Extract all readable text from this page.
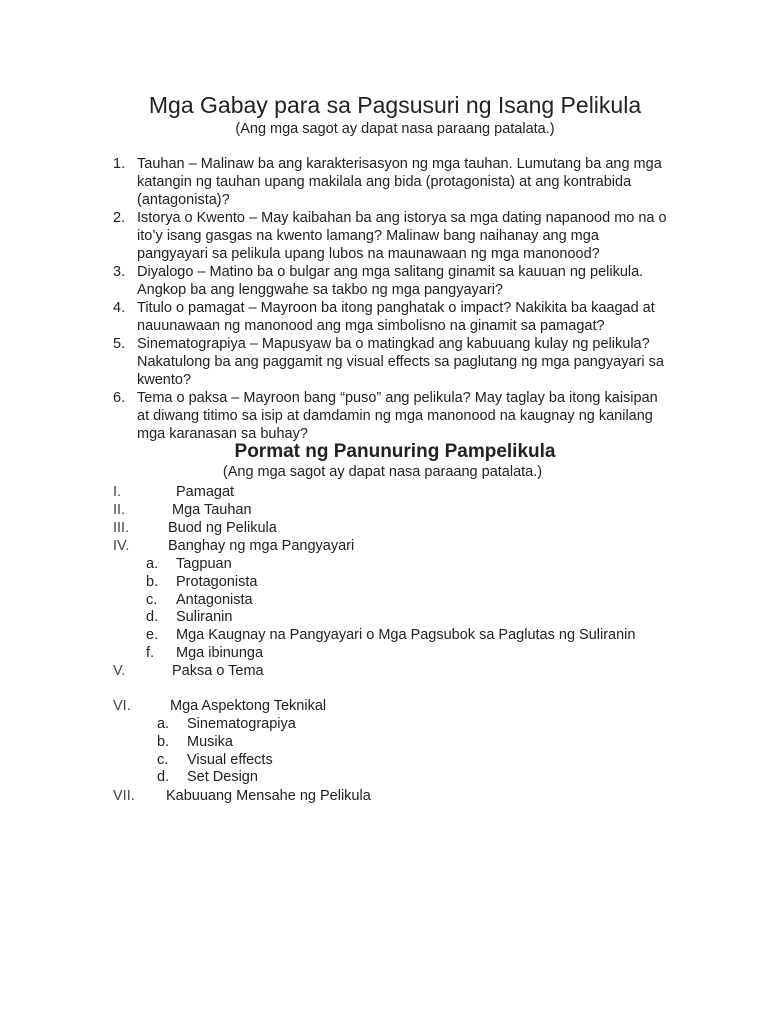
Mga Gabay para sa Pagsusuri ng Isang Pelikula
(Ang mga sagot ay dapat nasa paraang patalata.)
1. Tauhan – Malinaw ba ang karakterisasyon ng mga tauhan. Lumutang ba ang mga katangin ng tauhan upang makilala ang bida (protagonista) at ang kontrabida (antagonista)?
2. Istorya o Kwento – May kaibahan ba ang istorya sa mga dating napanood mo na o ito’y isang gasgas na kwento lamang? Malinaw bang naihanay ang mga pangyayari sa pelikula upang lubos na maunawaan ng mga manonood?
3. Diyalogo – Matino ba o bulgar ang mga salitang ginamit sa kauuan ng pelikula. Angkop ba ang lenggwahe sa takbo ng mga pangyayari?
4. Titulo o pamagat – Mayroon ba itong panghatak o impact? Nakikita ba kaagad at nauunawaan ng manonood ang mga simbolisno na ginamit sa pamagat?
5. Sinematograpiya – Mapusyaw ba o matingkad ang kabuuang kulay ng pelikula? Nakatulong ba ang paggamit ng visual effects sa paglutang ng mga pangyayari sa kwento?
6. Tema o paksa – Mayroon bang “puso” ang pelikula? May taglay ba itong kaisipan at diwang titimo sa isip at damdamin ng mga manonood na kaugnay ng kanilang mga karanasan sa buhay?
Pormat ng Panunuring Pampelikula
(Ang mga sagot ay dapat nasa paraang patalata.)
I.	Pamagat
II.	Mga Tauhan
III.	Buod ng Pelikula
IV.	Banghay ng mga Pangyayari
a. Tagpuan
b. Protagonista
c. Antagonista
d. Suliranin
e. Mga Kaugnay na Pangyayari o Mga Pagsubok sa Paglutas ng Suliranin
f. Mga ibinunga
V.	Paksa o Tema
VI.	Mga Aspektong Teknikal
a. Sinematograpiya
b. Musika
c. Visual effects
d. Set Design
VII. Kabuuang Mensahe ng Pelikula
